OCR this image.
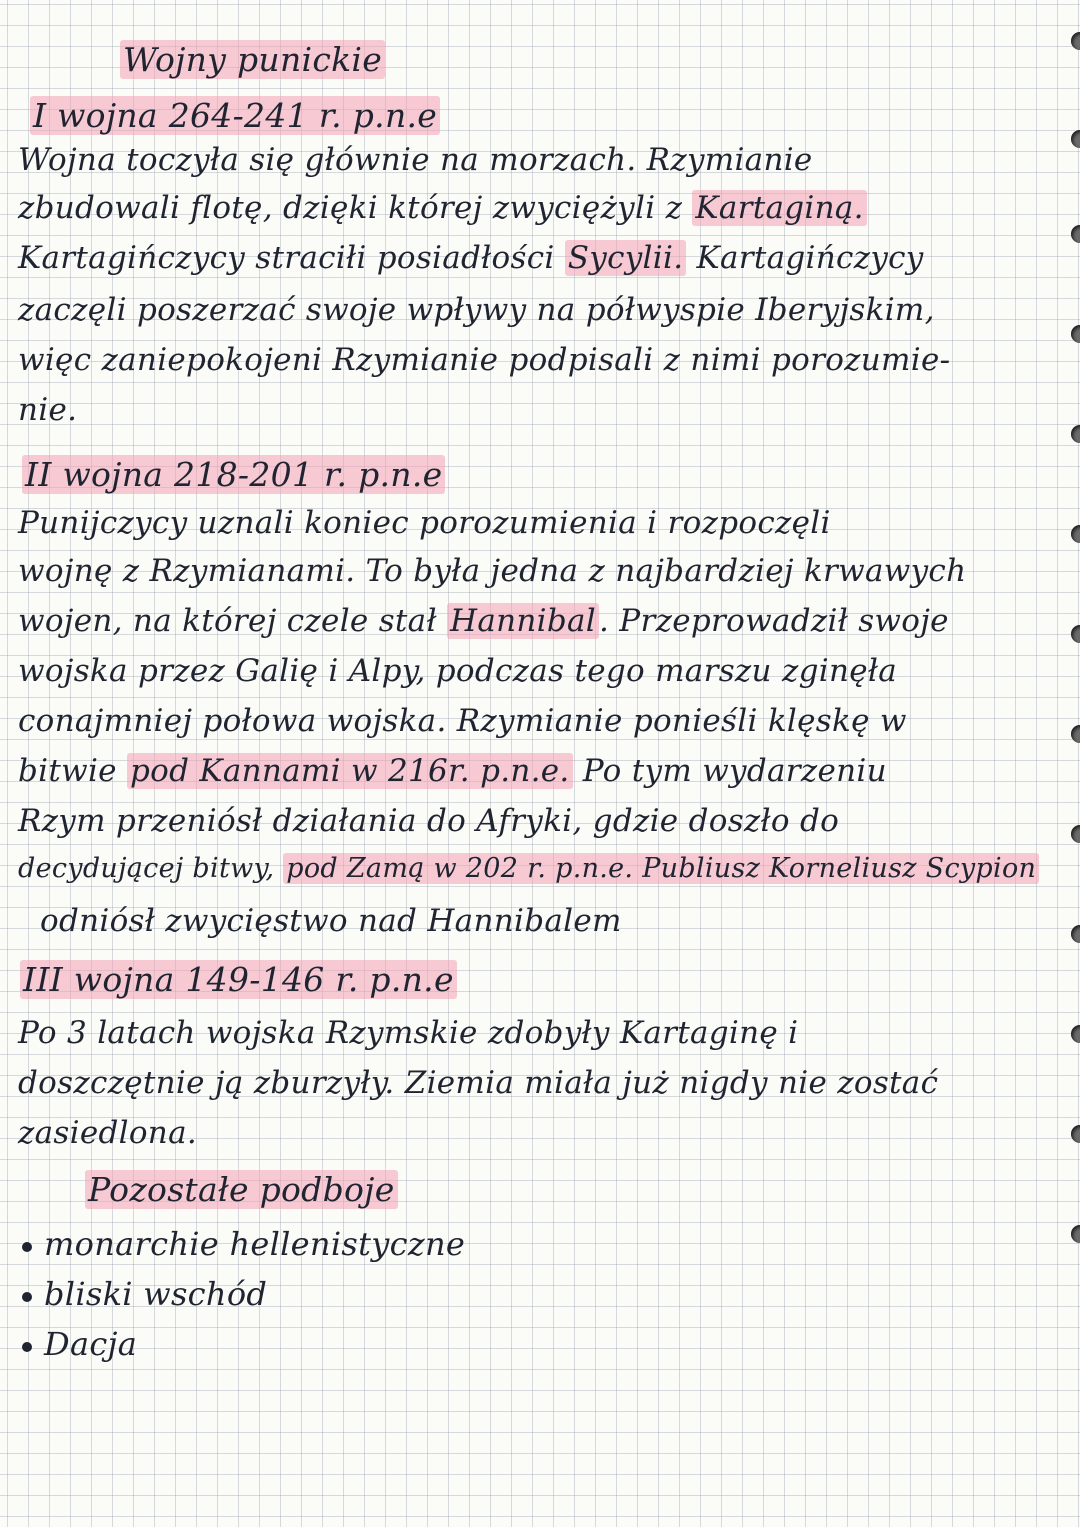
Wojny punickie
I wojna 264-241 r. p.n.e
Wojna toczyła się głównie na morzach. Rzymianie
zbudowali flotę, dzięki której zwyciężyli z Kartaginą.
Kartagińczycy straciłi posiadłości Sycylii. Kartagińczycy
zaczęli poszerzać swoje wpływy na półwyspie Iberyjskim,
więc zaniepokojeni Rzymianie podpisali z nimi porozumie-
nie.
II wojna 218-201 r. p.n.e
Punijczycy uznali koniec porozumienia i rozpoczęli
wojnę z Rzymianami. To była jedna z najbardziej krwawych
wojen, na której czele stał Hannibal. Przeprowadził swoje
wojska przez Galię i Alpy, podczas tego marszu zginęła
conajmniej połowa wojska. Rzymianie ponieśli klęskę w
bitwie pod Kannami w 216r. p.n.e. Po tym wydarzeniu
Rzym przeniósł działania do Afryki, gdzie doszło do
decydującej bitwy, pod Zamą w 202 r. p.n.e. Publiusz Korneliusz Scypion
odniósł zwycięstwo nad Hannibalem
III wojna 149-146 r. p.n.e
Po 3 latach wojska Rzymskie zdobyły Kartaginę i
doszczętnie ją zburzyły. Ziemia miała już nigdy nie zostać
zasiedlona.
Pozostałe podboje
monarchie hellenistyczne
bliski wschód
Dacja
